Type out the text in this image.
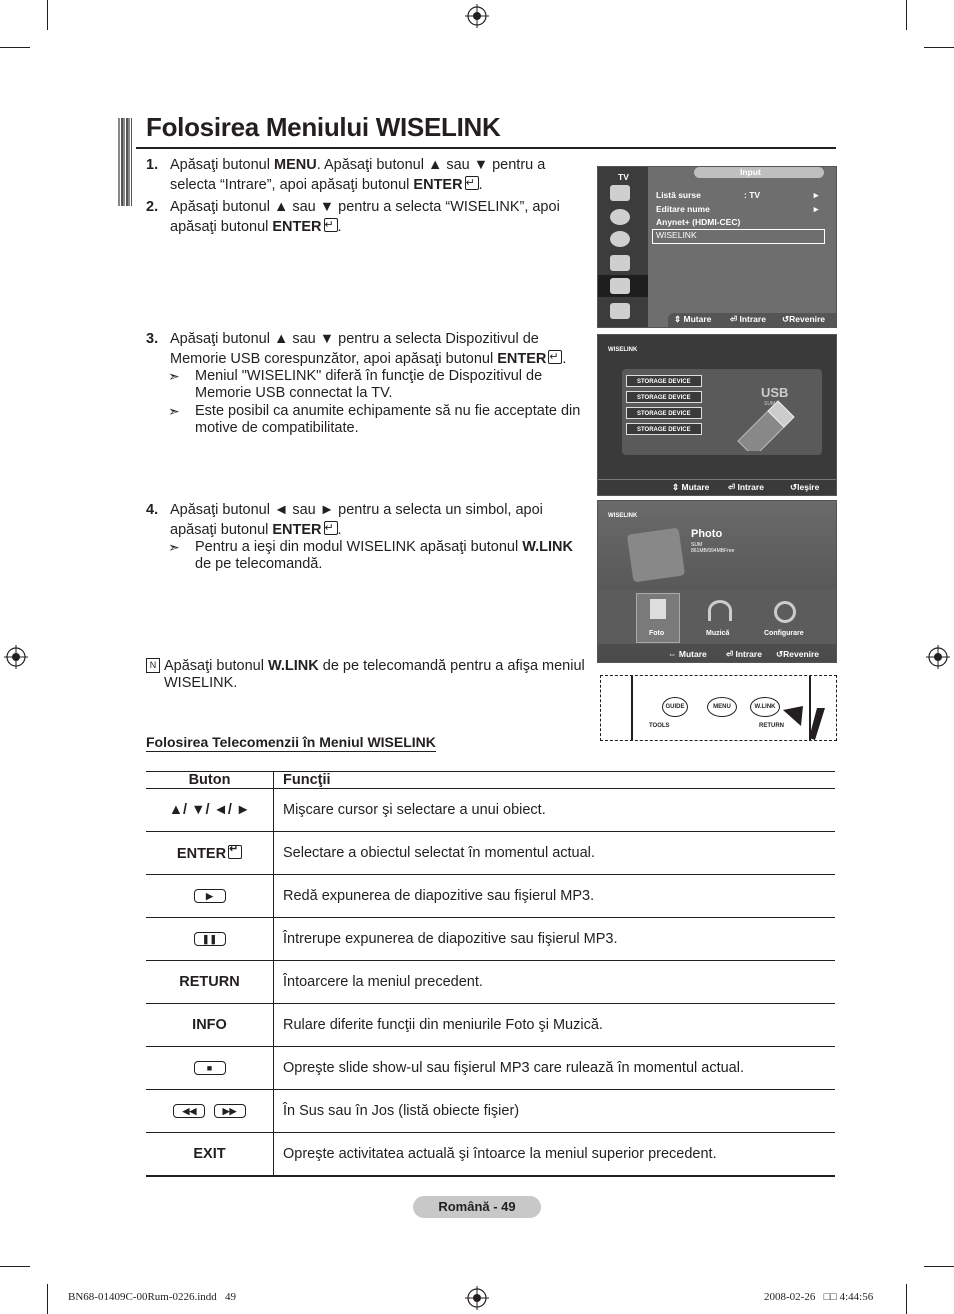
Folosirea Meniului WISELINK
1. Apăsaţi butonul MENU. Apăsaţi butonul ▲ sau ▼ pentru a selecta “Intrare”, apoi apăsaţi butonul ENTER ↵ .
2. Apăsaţi butonul ▲ sau ▼ pentru a selecta “WISELINK”, apoi apăsaţi butonul ENTER ↵ .
3. Apăsaţi butonul ▲ sau ▼ pentru a selecta Dispozitivul de Memorie USB corespunzător, apoi apăsaţi butonul ENTER ↵ .
➣ Meniul "WISELINK" diferă în funcţie de Dispozitivul de Memorie USB connectat la TV.
➣ Este posibil ca anumite echipamente să nu fie acceptate din motive de compatibilitate.
4. Apăsaţi butonul ◄ sau ► pentru a selecta un simbol, apoi apăsaţi butonul ENTER ↵ .
➣ Pentru a ieşi din modul WISELINK apăsaţi butonul W.LINK de pe telecomandă.
N Apăsaţi butonul W.LINK de pe telecomandă pentru a afişa meniul WISELINK.
TV	Input
Listă surse	: TV	►
Editare nume	►
Anynet+ (HDMI-CEC)
WISELINK
⇕ Mutare ⏎ Intrare ↺Revenire
WISELINK
STORAGE DEVICE
STORAGE DEVICE
STORAGE DEVICE
STORAGE DEVICE
USB
SUM
⇕ Mutare ⏎ Intrare	↺Ieşire
WISELINK
Photo
SUM
861MB/994MBFree
Foto	Muzică	Configurare
⇔ Mutare ⏎ Intrare ↺Revenire
GUIDE	MENU	W.LINK
TOOLS	RETURN
Folosirea Telecomenzii în Meniul WISELINK
Buton	Funcţii
▲/ ▼/ ◄/ ►	Mişcare cursor şi selectare a unui obiect.
ENTER↵	Selectare a obiectul selectat în momentul actual.
▶	Redă expunerea de diapozitive sau fişierul MP3.
❚❚	Întrerupe expunerea de diapozitive sau fişierul MP3.
RETURN	Întoarcere la meniul precedent.
INFO	Rulare diferite funcţii din meniurile Foto şi Muzică.
■	Opreşte slide show-ul sau fişierul MP3 care rulează în momentul actual.
◀◀ ▶▶	În Sus sau în Jos (listă obiecte fişier)
EXIT	Opreşte activitatea actuală şi întoarce la meniul superior precedent.
Română - 49
BN68-01409C-00Rum-0226.indd   49	2008-02-26   □□ 4:44:56
